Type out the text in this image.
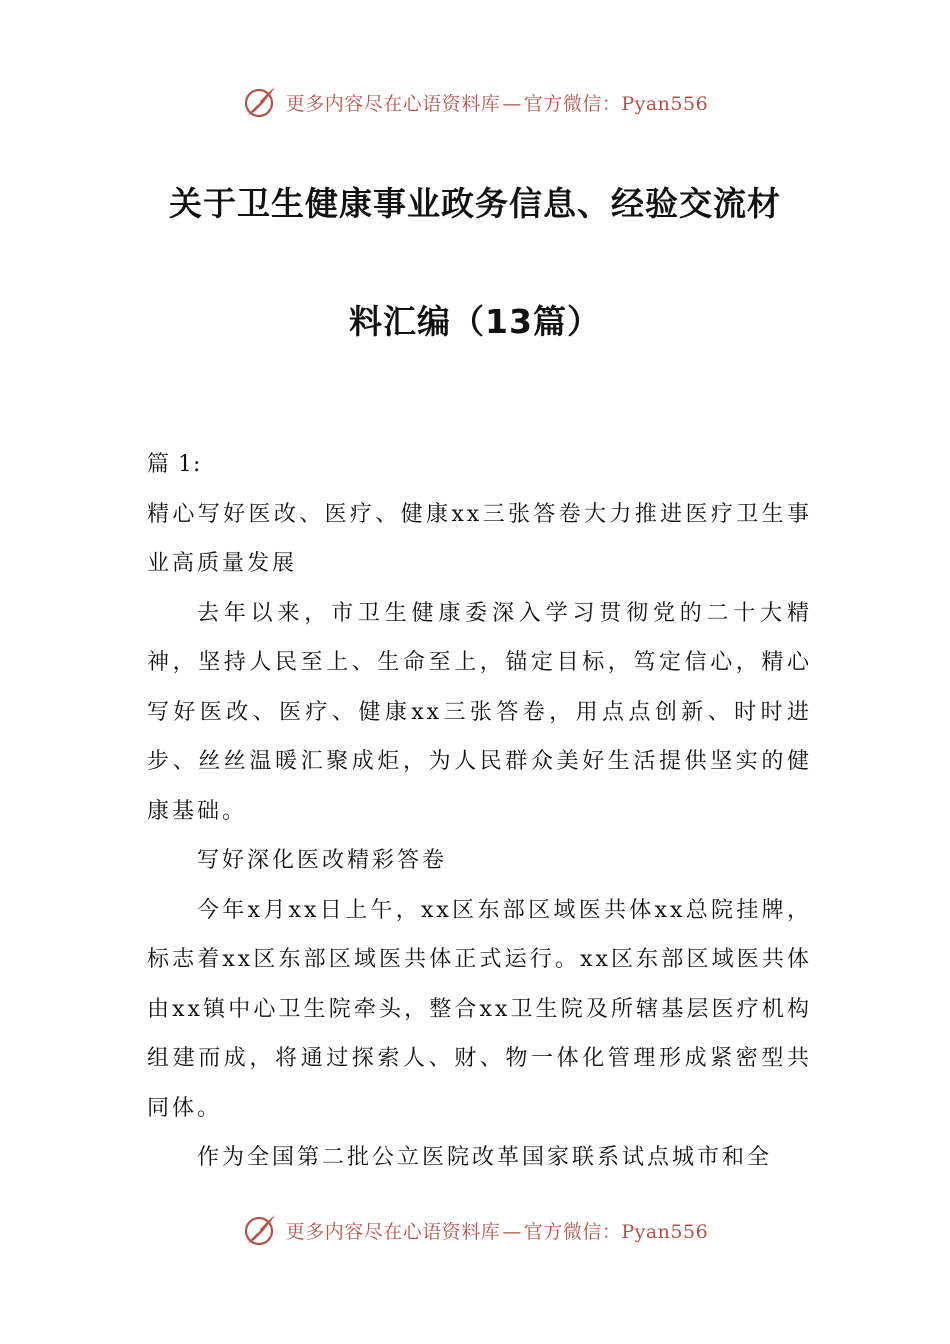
更多内容尽在心语资料库 — 官方微信：Pyan556
关于卫生健康事业政务信息、经验交流材
料汇编（13篇）

篇 1:

精心写好医改、医疗、健康xx三张答卷大力推进医疗卫生事业高质量发展

去年以来，市卫生健康委深入学习贯彻党的二十大精神，坚持人民至上、生命至上，锚定目标，笃定信心，精心写好医改、医疗、健康xx三张答卷，用点点创新、时时进步、丝丝温暖汇聚成炬，为人民群众美好生活提供坚实的健康基础。

写好深化医改精彩答卷

今年x月xx日上午，xx区东部区域医共体xx总院挂牌，标志着xx区东部区域医共体正式运行。xx区东部区域医共体由xx镇中心卫生院牵头，整合xx卫生院及所辖基层医疗机构组建而成，将通过探索人、财、物一体化管理形成紧密型共同体。

作为全国第二批公立医院改革国家联系试点城市和全

更多内容尽在心语资料库 — 官方微信：Pyan556
